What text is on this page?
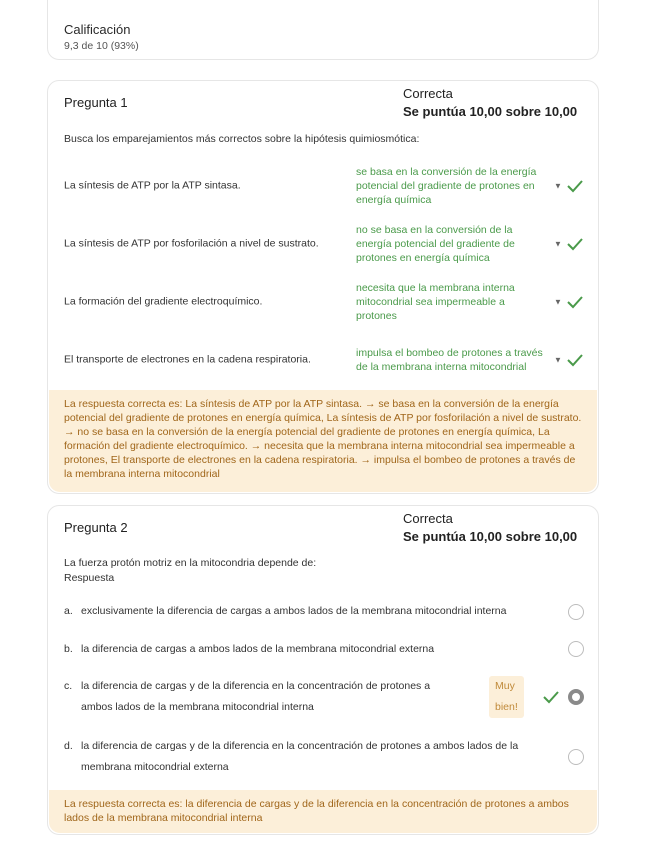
Calificación
9,3 de 10 (93%)
Pregunta 1
Correcta
Se puntúa 10,00 sobre 10,00
Busca los emparejamientos más correctos sobre la hipótesis quimiosmótica:
La síntesis de ATP por la ATP sintasa.
se basa en la conversión de la energía potencial del gradiente de protones en energía química
▼
La síntesis de ATP por fosforilación a nivel de sustrato.
no se basa en la conversión de la energía potencial del gradiente de protones en energía química
▼
La formación del gradiente electroquímico.
necesita que la membrana interna mitocondrial sea impermeable a protones
▼
El transporte de electrones en la cadena respiratoria.
impulsa el bombeo de protones a través de la membrana interna mitocondrial
▼
La respuesta correcta es: La síntesis de ATP por la ATP sintasa. → se basa en la conversión de la energía potencial del gradiente de protones en energía química, La síntesis de ATP por fosforilación a nivel de sustrato. → no se basa en la conversión de la energía potencial del gradiente de protones en energía química, La formación del gradiente electroquímico. → necesita que la membrana interna mitocondrial sea impermeable a protones, El transporte de electrones en la cadena respiratoria. → impulsa el bombeo de protones a través de la membrana interna mitocondrial
Pregunta 2
Correcta
Se puntúa 10,00 sobre 10,00
La fuerza protón motriz en la mitocondria depende de:
Respuesta
a. exclusivamente la diferencia de cargas a ambos lados de la membrana mitocondrial interna
b. la diferencia de cargas a ambos lados de la membrana mitocondrial externa
c. la diferencia de cargas y de la diferencia en la concentración de protones a
ambos lados de la membrana mitocondrial interna
Muy
bien!
d. la diferencia de cargas y de la diferencia en la concentración de protones a ambos lados de la
membrana mitocondrial externa
La respuesta correcta es: la diferencia de cargas y de la diferencia en la concentración de protones a ambos lados de la membrana mitocondrial interna
